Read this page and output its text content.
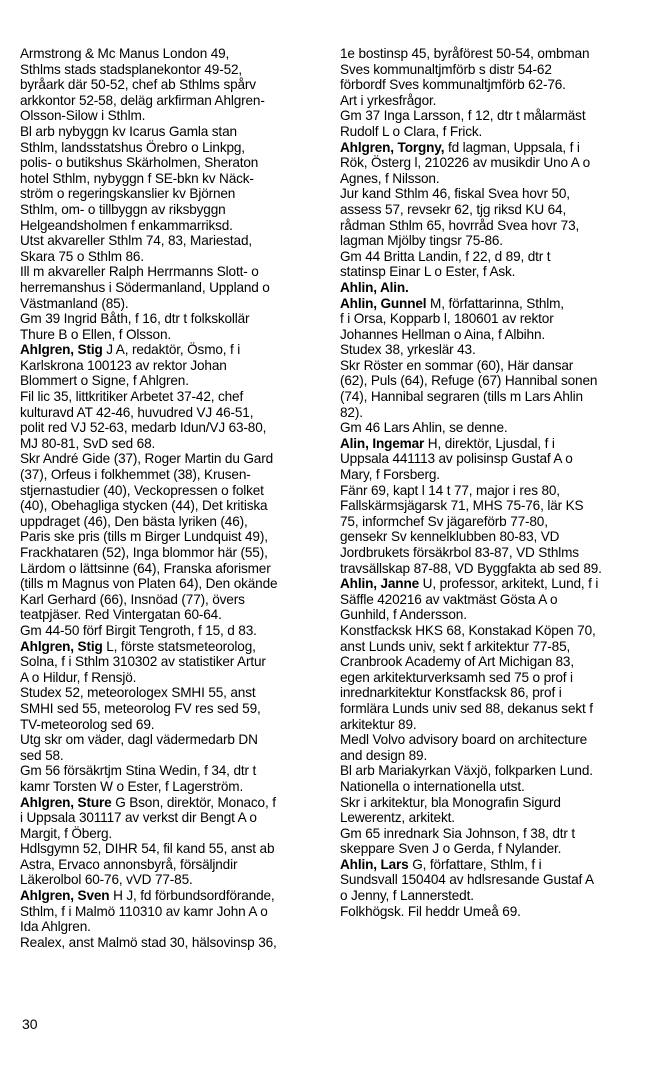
Armstrong & Mc Manus London 49,
Sthlms stads stadsplanekontor 49-52,
byråark där 50-52, chef ab Sthlms spårv
arkkontor 52-58, deläg arkfirman Ahlgren-
Olsson-Silow i Sthlm.
Bl arb nybyggn kv Icarus Gamla stan
Sthlm, landsstatshus Örebro o Linkpg,
polis- o butikshus Skärholmen, Sheraton
hotel Sthlm, nybyggn f SE-bkn kv Näck-
ström o regeringskanslier kv Björnen
Sthlm, om- o tillbyggn av riksbyggn
Helgeandsholmen f enkammarriksd.
Utst akvareller Sthlm 74, 83, Mariestad,
Skara 75 o Sthlm 86.
Ill m akvareller Ralph Herrmanns Slott- o
herremanshus i Södermanland, Uppland o
Västmanland (85).
Gm 39 Ingrid Båth, f 16, dtr t folkskollär
Thure B o Ellen, f Olsson.

Ahlgren, Stig J A, redaktör, Ösmo, f i
Karlskrona 100123 av rektor Johan
Blommert o Signe, f Ahlgren.
Fil lic 35, littkritiker Arbetet 37-42, chef
kulturavd AT 42-46, huvudred VJ 46-51,
polit red VJ 52-63, medarb Idun/VJ 63-80,
MJ 80-81, SvD sed 68.
Skr André Gide (37), Roger Martin du Gard
(37), Orfeus i folkhemmet (38), Krusen-
stjernastudier (40), Veckopressen o folket
(40), Obehagliga stycken (44), Det kritiska
uppdraget (46), Den bästa lyriken (46),
Paris ske pris (tills m Birger Lundquist 49),
Frackhataren (52), Inga blommor här (55),
Lärdom o lättsinne (64), Franska aforismer
(tills m Magnus von Platen 64), Den okände
Karl Gerhard (66), Insnöad (77), övers
teatpjäser. Red Vintergatan 60-64.
Gm 44-50 förf Birgit Tengroth, f 15, d 83.

Ahlgren, Stig L, förste statsmeteorolog,
Solna, f i Sthlm 310302 av statistiker Artur
A o Hildur, f Rensjö.
Studex 52, meteorologex SMHI 55, anst
SMHI sed 55, meteorolog FV res sed 59,
TV-meteorolog sed 69.
Utg skr om väder, dagl vädermedarb DN
sed 58.
Gm 56 försäkrtjm Stina Wedin, f 34, dtr t
kamr Torsten W o Ester, f Lagerström.

Ahlgren, Sture G Bson, direktör, Monaco, f
i Uppsala 301117 av verkst dir Bengt A o
Margit, f Öberg.
Hdlsgymn 52, DIHR 54, fil kand 55, anst ab
Astra, Ervaco annonsbyrå, försäljndir
Läkerolbol 60-76, vVD 77-85.

Ahlgren, Sven H J, fd förbundsordförande,
Sthlm, f i Malmö 110310 av kamr John A o
Ida Ahlgren.
Realex, anst Malmö stad 30, hälsovinsp 36,

1e bostinsp 45, byråförest 50-54, ombman
Sves kommunaltjmförb s distr 54-62
förbordf Sves kommunaltjmförb 62-76.
Art i yrkesfrågor.
Gm 37 Inga Larsson, f 12, dtr t målarmäst
Rudolf L o Clara, f Frick.

Ahlgren, Torgny, fd lagman, Uppsala, f i
Rök, Österg l, 210226 av musikdir Uno A o
Agnes, f Nilsson.
Jur kand Sthlm 46, fiskal Svea hovr 50,
assess 57, revsekr 62, tjg riksd KU 64,
rådman Sthlm 65, hovrråd Svea hovr 73,
lagman Mjölby tingsr 75-86.
Gm 44 Britta Landin, f 22, d 89, dtr t
statinsp Einar L o Ester, f Ask.

Ahlin, Alin.

Ahlin, Gunnel M, författarinna, Sthlm,
f i Orsa, Kopparb l, 180601 av rektor
Johannes Hellman o Aina, f Albihn.
Studex 38, yrkeslär 43.
Skr Röster en sommar (60), Här dansar
(62), Puls (64), Refuge (67) Hannibal sonen
(74), Hannibal segraren (tills m Lars Ahlin
82).
Gm 46 Lars Ahlin, se denne.

Alin, Ingemar H, direktör, Ljusdal, f i
Uppsala 441113 av polisinsp Gustaf A o
Mary, f Forsberg.
Fänr 69, kapt l 14 t 77, major i res 80,
Fallskärmsjägarsk 71, MHS 75-76, lär KS
75, informchef Sv jägareförb 77-80,
gensekr Sv kennelklubben 80-83, VD
Jordbrukets försäkrbol 83-87, VD Sthlms
travsällskap 87-88, VD Byggfakta ab sed 89.

Ahlin, Janne U, professor, arkitekt, Lund, f i
Säffle 420216 av vaktmäst Gösta A o
Gunhild, f Andersson.
Konstfacksk HKS 68, Konstakad Köpen 70,
anst Lunds univ, sekt f arkitektur 77-85,
Cranbrook Academy of Art Michigan 83,
egen arkitekturverksamh sed 75 o prof i
inredn​arkitektur Konstfacksk 86, prof i
formlära Lunds univ sed 88, dekanus sekt f
arkitektur 89.
Medl Volvo advisory board on architecture
and design 89.
Bl arb Mariakyrkan Växjö, folkparken Lund.
Nationella o internationella utst.
Skr i arkitektur, bla Monografin Sigurd
Lewerentz, arkitekt.
Gm 65 inrednark Sia Johnson, f 38, dtr t
skeppare Sven J o Gerda, f Nylander.

Ahlin, Lars G, författare, Sthlm, f i
Sundsvall 150404 av hdlsresande Gustaf A
o Jenny, f Lannerstedt.
Folkhögsk. Fil heddr Umeå 69.

30
